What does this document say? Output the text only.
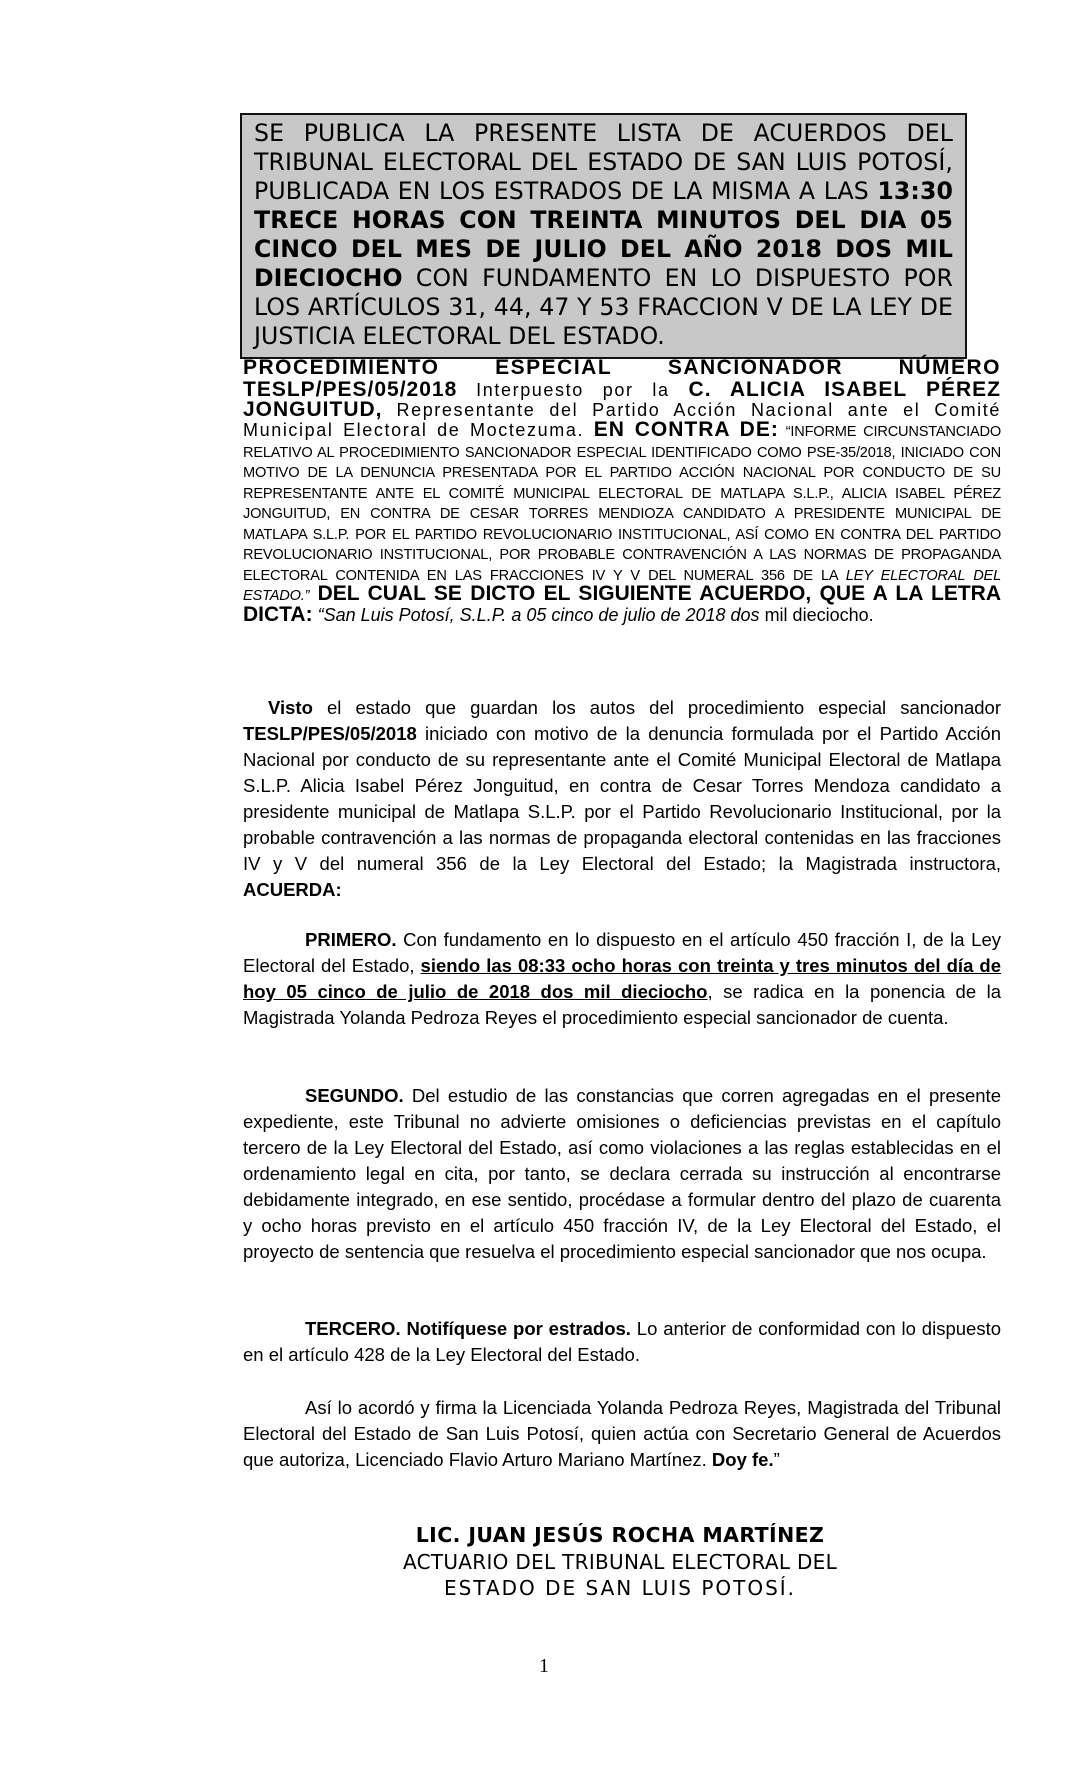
SE PUBLICA LA PRESENTE LISTA DE ACUERDOS DEL TRIBUNAL ELECTORAL DEL ESTADO DE SAN LUIS POTOSÍ, PUBLICADA EN LOS ESTRADOS DE LA MISMA A LAS 13:30 TRECE HORAS CON TREINTA MINUTOS DEL DIA 05 CINCO DEL MES DE JULIO DEL AÑO 2018 DOS MIL DIECIOCHO CON FUNDAMENTO EN LO DISPUESTO POR LOS ARTÍCULOS 31, 44, 47 Y 53 FRACCION V DE LA LEY DE JUSTICIA ELECTORAL DEL ESTADO.
PROCEDIMIENTO	ESPECIAL	SANCIONADOR	NÚMERO
TESLP/PES/05/2018 Interpuesto por la C. ALICIA ISABEL PÉREZ JONGUITUD, Representante del Partido Acción Nacional ante el Comité Municipal Electoral de Moctezuma. EN CONTRA DE: “INFORME CIRCUNSTANCIADO RELATIVO AL PROCEDIMIENTO SANCIONADOR ESPECIAL IDENTIFICADO COMO PSE-35/2018, INICIADO CON MOTIVO DE LA DENUNCIA PRESENTADA POR EL PARTIDO ACCIÓN NACIONAL POR CONDUCTO DE SU REPRESENTANTE ANTE EL COMITÉ MUNICIPAL ELECTORAL DE MATLAPA S.L.P., ALICIA ISABEL PÉREZ JONGUITUD, EN CONTRA DE CESAR TORRES MENDIOZA CANDIDATO A PRESIDENTE MUNICIPAL DE MATLAPA S.L.P. POR EL PARTIDO REVOLUCIONARIO INSTITUCIONAL, ASÍ COMO EN CONTRA DEL PARTIDO REVOLUCIONARIO INSTITUCIONAL, POR PROBABLE CONTRAVENCIÓN A LAS NORMAS DE PROPAGANDA ELECTORAL CONTENIDA EN LAS FRACCIONES IV Y V DEL NUMERAL 356 DE LA LEY ELECTORAL DEL ESTADO.” DEL CUAL SE DICTO EL SIGUIENTE ACUERDO, QUE A LA LETRA DICTA: “San Luis Potosí, S.L.P. a 05 cinco de julio de 2018 dos mil dieciocho.
Visto el estado que guardan los autos del procedimiento especial sancionador TESLP/PES/05/2018 iniciado con motivo de la denuncia formulada por el Partido Acción Nacional por conducto de su representante ante el Comité Municipal Electoral de Matlapa S.L.P. Alicia Isabel Pérez Jonguitud, en contra de Cesar Torres Mendoza candidato a presidente municipal de Matlapa S.L.P. por el Partido Revolucionario Institucional, por la probable contravención a las normas de propaganda electoral contenidas en las fracciones IV y V del numeral 356 de la Ley Electoral del Estado; la Magistrada instructora, ACUERDA:
PRIMERO. Con fundamento en lo dispuesto en el artículo 450 fracción I, de la Ley Electoral del Estado, siendo las 08:33 ocho horas con treinta y tres minutos del día de hoy 05 cinco de julio de 2018 dos mil dieciocho, se radica en la ponencia de la Magistrada Yolanda Pedroza Reyes el procedimiento especial sancionador de cuenta.
SEGUNDO. Del estudio de las constancias que corren agregadas en el presente expediente, este Tribunal no advierte omisiones o deficiencias previstas en el capítulo tercero de la Ley Electoral del Estado, así como violaciones a las reglas establecidas en el ordenamiento legal en cita, por tanto, se declara cerrada su instrucción al encontrarse debidamente integrado, en ese sentido, procédase a formular dentro del plazo de cuarenta y ocho horas previsto en el artículo 450 fracción IV, de la Ley Electoral del Estado, el proyecto de sentencia que resuelva el procedimiento especial sancionador que nos ocupa.
TERCERO. Notifíquese por estrados. Lo anterior de conformidad con lo dispuesto en el artículo 428 de la Ley Electoral del Estado.
Así lo acordó y firma la Licenciada Yolanda Pedroza Reyes, Magistrada del Tribunal Electoral del Estado de San Luis Potosí, quien actúa con Secretario General de Acuerdos que autoriza, Licenciado Flavio Arturo Mariano Martínez. Doy fe.”
LIC. JUAN JESÚS ROCHA MARTÍNEZ
ACTUARIO DEL TRIBUNAL ELECTORAL DEL
ESTADO DE SAN LUIS POTOSÍ.
1
